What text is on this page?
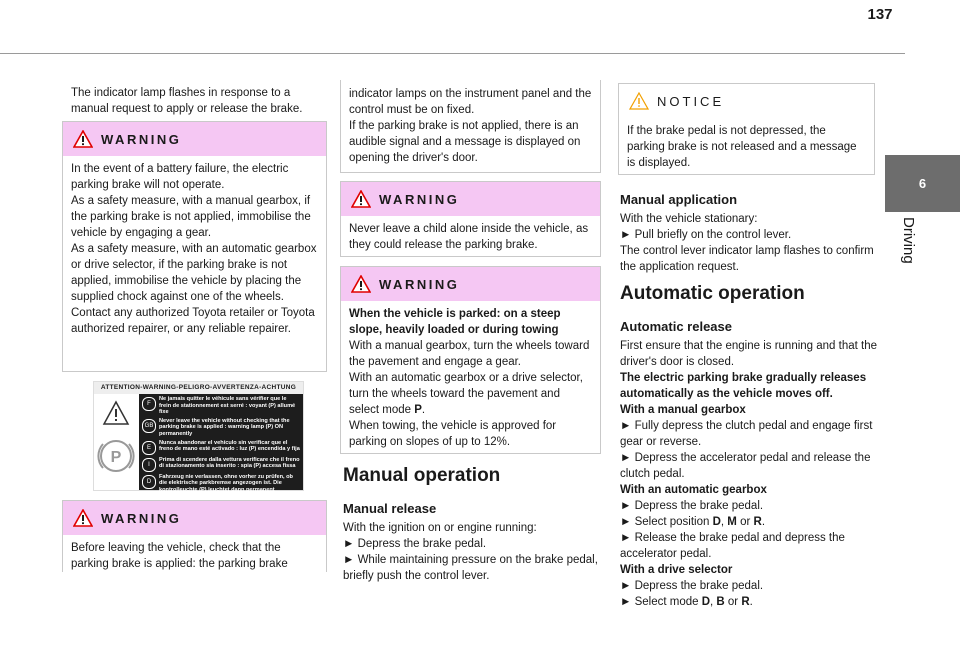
137
6
Driving

The indicator lamp flashes in response to a manual request to apply or release the brake.

WARNING

In the event of a battery failure, the electric parking brake will not operate.

As a safety measure, with a manual gearbox, if the parking brake is not applied, immobilise the vehicle by engaging a gear.

As a safety measure, with an automatic gearbox or drive selector, if the parking brake is not applied, immobilise the vehicle by placing the supplied chock against one of the wheels.

Contact any authorized Toyota retailer or Toyota authorized repairer, or any reliable repairer.

ATTENTION-WARNING-PELIGRO-AVVERTENZA-ACHTUNG
P
F
Ne jamais quitter le véhicule sans vérifier que le frein de stationnement est serré : voyant (P) allumé fixe
GB
Never leave the vehicle without checking that the parking brake is applied : warning lamp (P) ON permanently
E
Nunca abandonar el vehículo sin verificar que el freno de mano esté activado : luz (P) encendida y fija
I
Prima di scendere dalla vettura verificare che il freno di stazionamento sia inserito : spia (P) accesa fissa
D
Fahrzeug nie verlassen, ohne vorher zu prüfen, ob die elektrische parkbremse angezogen ist. Die kontrolleuchte (P) leuchtet dann permanent
WARNING

Before leaving the vehicle, check that the parking brake is applied: the parking brake

indicator lamps on the instrument panel and the control must be on fixed.

If the parking brake is not applied, there is an audible signal and a message is displayed on opening the driver's door.

WARNING

Never leave a child alone inside the vehicle, as they could release the parking brake.

WARNING

When the vehicle is parked: on a steep slope, heavily loaded or during towing

With a manual gearbox, turn the wheels toward the pavement and engage a gear.

With an automatic gearbox or a drive selector, turn the wheels toward the pavement and select mode P.

When towing, the vehicle is approved for parking on slopes of up to 12%.

Manual operation
Manual release

With the ignition on or engine running:

► Depress the brake pedal.

► While maintaining pressure on the brake pedal, briefly push the control lever.

NOTICE

If the brake pedal is not depressed, the parking brake is not released and a message is displayed.

Manual application

With the vehicle stationary:

► Pull briefly on the control lever.

The control lever indicator lamp flashes to confirm the application request.

Automatic operation
Automatic release

First ensure that the engine is running and that the driver's door is closed.

The electric parking brake gradually releases automatically as the vehicle moves off.

With a manual gearbox

► Fully depress the clutch pedal and engage first gear or reverse.

► Depress the accelerator pedal and release the clutch pedal.

With an automatic gearbox

► Depress the brake pedal.

► Select position D, M or R.

► Release the brake pedal and depress the accelerator pedal.

With a drive selector

► Depress the brake pedal.

► Select mode D, B or R.
